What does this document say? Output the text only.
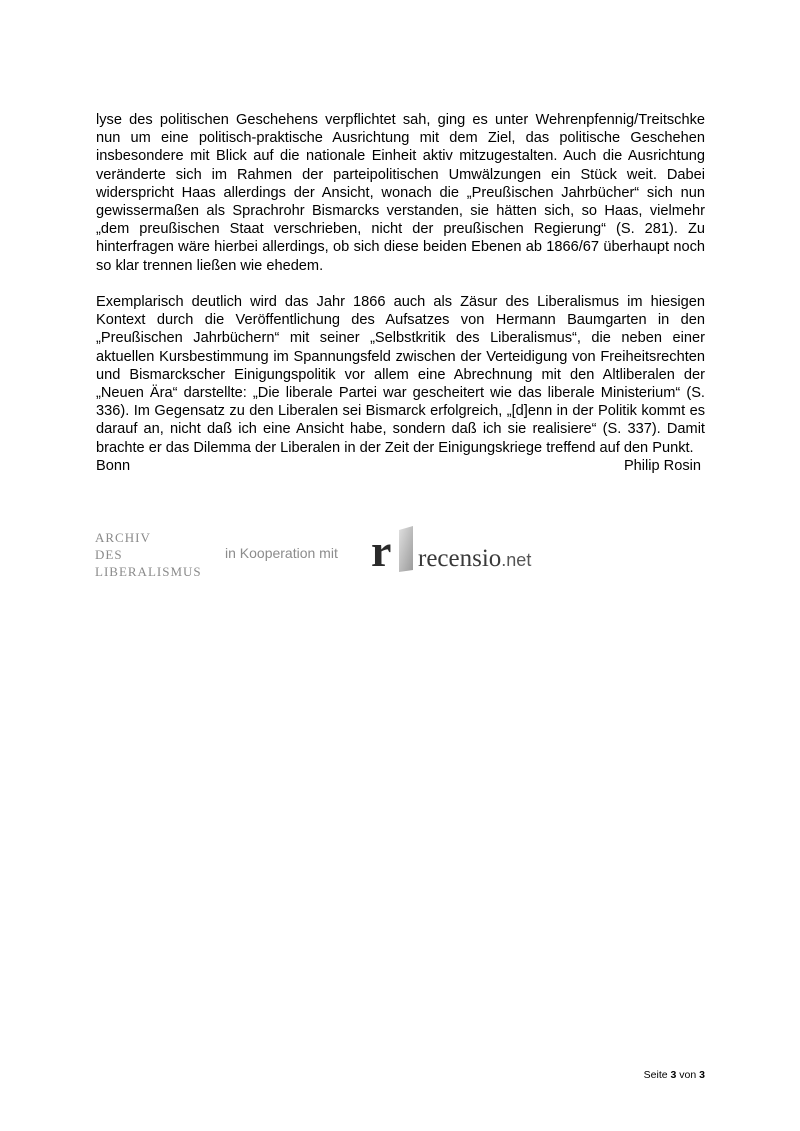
lyse des politischen Geschehens verpflichtet sah, ging es unter Wehrenpfennig/Treitschke nun um eine politisch-praktische Ausrichtung mit dem Ziel, das politische Geschehen insbesondere mit Blick auf die nationale Einheit aktiv mitzugestalten. Auch die Ausrichtung veränderte sich im Rahmen der parteipolitischen Umwälzungen ein Stück weit. Dabei widerspricht Haas allerdings der Ansicht, wonach die „Preußischen Jahrbücher“ sich nun gewissermaßen als Sprachrohr Bismarcks verstanden, sie hätten sich, so Haas, vielmehr „dem preußischen Staat verschrieben, nicht der preußischen Regierung“ (S. 281). Zu hinterfragen wäre hierbei allerdings, ob sich diese beiden Ebenen ab 1866/67 überhaupt noch so klar trennen ließen wie ehedem.

Exemplarisch deutlich wird das Jahr 1866 auch als Zäsur des Liberalismus im hiesigen Kontext durch die Veröffentlichung des Aufsatzes von Hermann Baumgarten in den „Preußischen Jahrbüchern“ mit seiner „Selbstkritik des Liberalismus“, die neben einer aktuellen Kursbestimmung im Spannungsfeld zwischen der Verteidigung von Freiheitsrechten und Bismarckscher Einigungspolitik vor allem eine Abrechnung mit den Altliberalen der „Neuen Ära“ darstellte: „Die liberale Partei war gescheitert wie das liberale Ministerium“ (S. 336). Im Gegensatz zu den Liberalen sei Bismarck erfolgreich, „[d]enn in der Politik kommt es darauf an, nicht daß ich eine Ansicht habe, sondern daß ich sie realisiere“ (S. 337). Damit brachte er das Dilemma der Liberalen in der Zeit der Einigungskriege treffend auf den Punkt.

Bonn	Philip Rosin
ARCHIV
DES
LIBERALISMUS
in Kooperation mit r recensio.net
Seite 3 von 3
